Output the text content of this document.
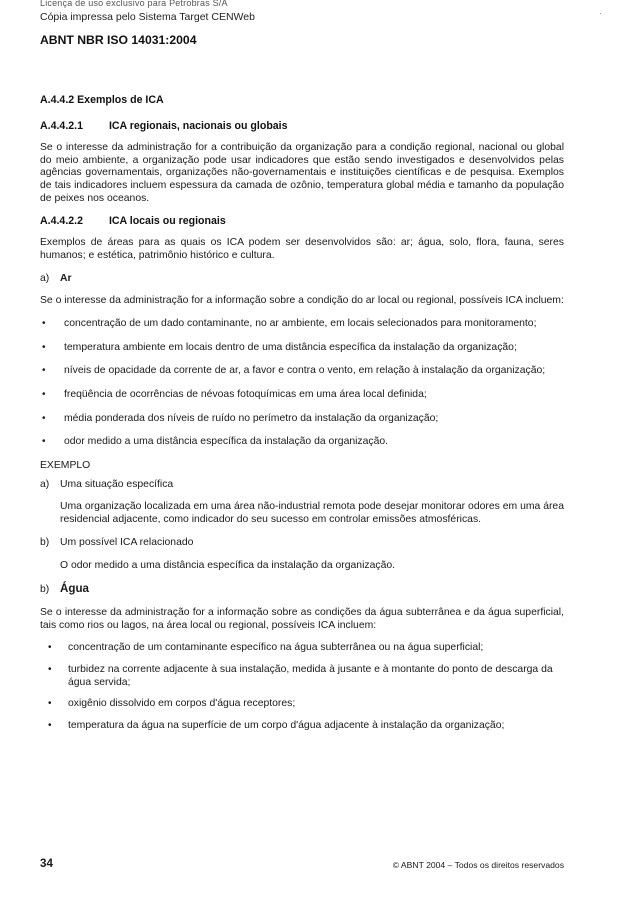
·
Licença de uso exclusivo para Petrobras S/A
Cópia impressa pelo Sistema Target CENWeb
ABNT NBR ISO 14031:2004
A.4.4.2 Exemplos de ICA
A.4.4.2.1 ICA regionais, nacionais ou globais

Se o interesse da administração for a contribuição da organização para a condição regional, nacional ou global do meio ambiente, a organização pode usar indicadores que estão sendo investigados e desenvolvidos pelas agências governamentais, organizações não-governamentais e instituições científicas e de pesquisa. Exemplos de tais indicadores incluem espessura da camada de ozônio, temperatura global média e tamanho da população de peixes nos oceanos.

A.4.4.2.2 ICA locais ou regionais

Exemplos de áreas para as quais os ICA podem ser desenvolvidos são: ar; água, solo, flora, fauna, seres humanos; e estética, patrimônio histórico e cultura.

a) Ar

Se o interesse da administração for a informação sobre a condição do ar local ou regional, possíveis ICA incluem:

• concentração de um dado contaminante, no ar ambiente, em locais selecionados para monitoramento;
• temperatura ambiente em locais dentro de uma distância específica da instalação da organização;
• níveis de opacidade da corrente de ar, a favor e contra o vento, em relação à instalação da organização;
• freqüência de ocorrências de névoas fotoquímicas em uma área local definida;
• média ponderada dos níveis de ruído no perímetro da instalação da organização;
• odor medido a uma distância específica da instalação da organização.
EXEMPLO
a) Uma situação específica

Uma organização localizada em uma área não-industrial remota pode desejar monitorar odores em uma área residencial adjacente, como indicador do seu sucesso em controlar emissões atmosféricas.

b) Um possível ICA relacionado

O odor medido a uma distância específica da instalação da organização.

b) Água

Se o interesse da administração for a informação sobre as condições da água subterrânea e da água superficial, tais como rios ou lagos, na área local ou regional, possíveis ICA incluem:

• concentração de um contaminante específico na água subterrânea ou na água superficial;
• turbidez na corrente adjacente à sua instalação, medida à jusante e à montante do ponto de descarga da água servida;
• oxigênio dissolvido em corpos d'água receptores;
• temperatura da água na superfície de um corpo d'água adjacente à instalação da organização;
34	© ABNT 2004 – Todos os direitos reservados
